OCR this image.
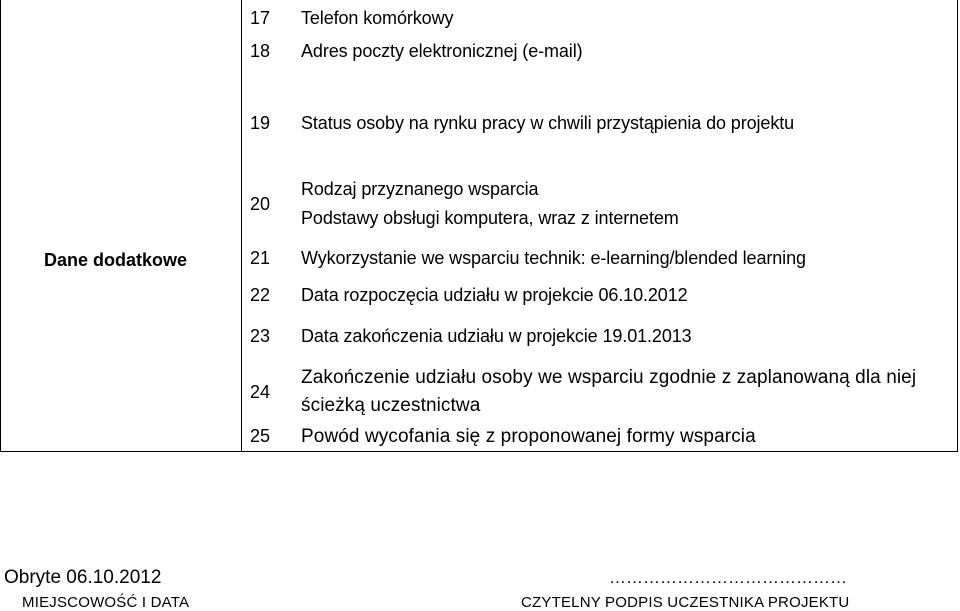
Dane dodatkowe
17 Telefon komórkowy
18 Adres poczty elektronicznej (e-mail)
19 Status osoby na rynku pracy w chwili przystąpienia do projektu
20
Rodzaj przyznanego wsparcia
Podstawy obsługi komputera, wraz z internetem
21 Wykorzystanie we wsparciu technik: e-learning/blended learning
22 Data rozpoczęcia udziału w projekcie 06.10.2012
23 Data zakończenia udziału w projekcie 19.01.2013
24
Zakończenie udziału osoby we wsparciu zgodnie z zaplanowaną dla niej
ścieżką uczestnictwa
25 Powód wycofania się z proponowanej formy wsparcia
Obryte 06.10.2012
MIEJSCOWOŚĆ I DATA
……………………………………
CZYTELNY PODPIS UCZESTNIKA PROJEKTU
